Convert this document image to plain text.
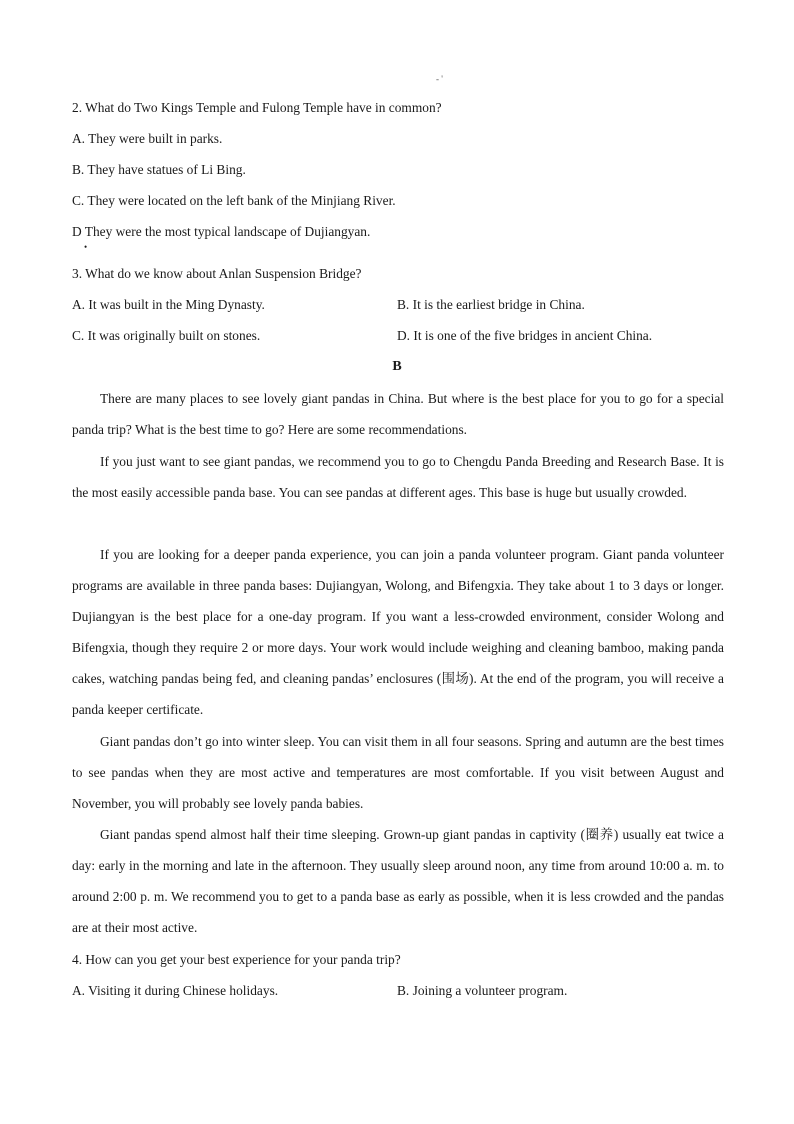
- '
2. What do Two Kings Temple and Fulong Temple have in common?
A. They were built in parks.
B. They have statues of Li Bing.
C. They were located on the left bank of the Minjiang River.
D They were the most typical landscape of Dujiangyan.
•
3. What do we know about Anlan Suspension Bridge?
A. It was built in the Ming Dynasty.	B. It is the earliest bridge in China.
C. It was originally built on stones.	D. It is one of the five bridges in ancient China.
B

There are many places to see lovely giant pandas in China. But where is the best place for you to go for a special panda trip? What is the best time to go? Here are some recommendations.

If you just want to see giant pandas, we recommend you to go to Chengdu Panda Breeding and Research Base. It is the most easily accessible panda base. You can see pandas at different ages. This base is huge but usually crowded.

If you are looking for a deeper panda experience, you can join a panda volunteer program. Giant panda volunteer programs are available in three panda bases: Dujiangyan, Wolong, and Bifengxia. They take about 1 to 3 days or longer. Dujiangyan is the best place for a one-day program. If you want a less-crowded environment, consider Wolong and Bifengxia, though they require 2 or more days. Your work would include weighing and cleaning bamboo, making panda cakes, watching pandas being fed, and cleaning pandas’ enclosures (围场). At the end of the program, you will receive a panda keeper certificate.

Giant pandas don’t go into winter sleep. You can visit them in all four seasons. Spring and autumn are the best times to see pandas when they are most active and temperatures are most comfortable. If you visit between August and November, you will probably see lovely panda babies.

Giant pandas spend almost half their time sleeping. Grown-up giant pandas in captivity (圈养) usually eat twice a day: early in the morning and late in the afternoon. They usually sleep around noon, any time from around 10:00 a. m. to around 2:00 p. m. We recommend you to get to a panda base as early as possible, when it is less crowded and the pandas are at their most active.

4. How can you get your best experience for your panda trip?
A. Visiting it during Chinese holidays.	B. Joining a volunteer program.
